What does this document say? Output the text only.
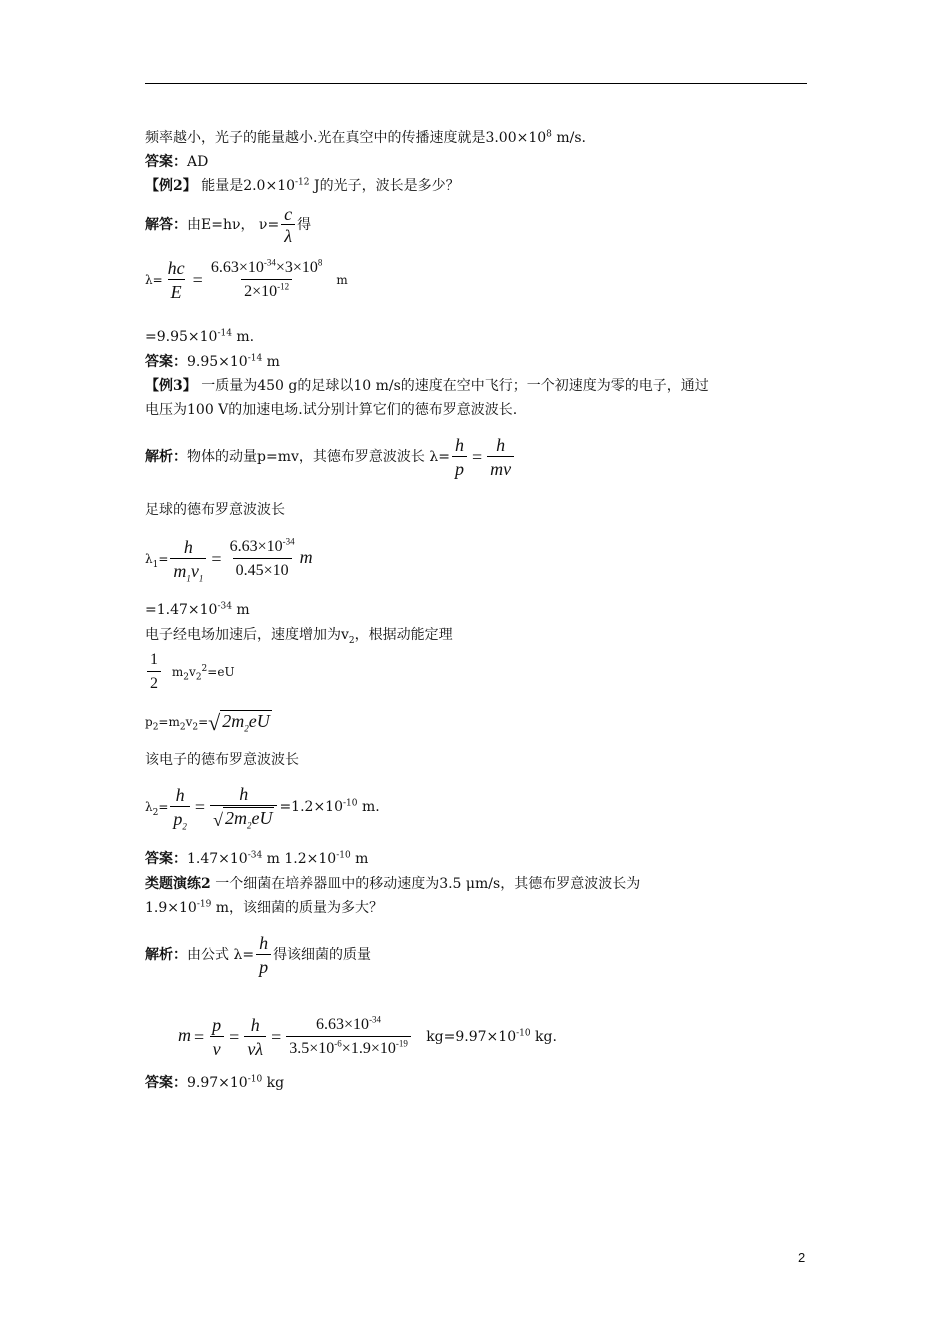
频率越小，光子的能量越小.光在真空中的传播速度就是$3.00\times 10^8$ m/s.
答案：AD
【例2】 能量是$2.0\times 10^{-12}$ J的光子，波长是多少？
解答：由E=hν， $\nu= \frac{c}{\lambda}$ 得
$\lambda= \frac{hc}{E} = \frac{6.63\times 10^{-34}\times 3\times 10^8}{2\times 10^{-12}}$ m
$=9.95\times 10^{-14}$ m.
答案：$9.95\times 10^{-14}$ m
【例3】 一质量为450 g的足球以10 m/s的速度在空中飞行；一个初速度为零的电子，通过
电压为100 V的加速电场.试分别计算它们的德布罗意波波长.
解析：物体的动量p=mv，其德布罗意波波长 $\lambda= \frac{h}{p} = \frac{h}{mv}$
足球的德布罗意波波长
$\lambda_1= \frac{h}{m_1v_1} = \frac{6.63\times 10^{-34}}{0.45\times 10}$ m
$=1.47\times 10^{-34}$ m
电子经电场加速后，速度增加为$v_2$，根据动能定理
$\frac{1}{2} m_2v_2^2=eU$
$p_2=m_2v_2=√$ $2m_2eU$
该电子的德布罗意波波长
$\lambda_2= \frac{h}{p_2} = \frac{h}{√ 2m_2eU} =1.2\times 10^{-10}$ m.
答案：$1.47\times 10^{-34}$ m $1.2\times 10^{-10}$ m
类题演练2 一个细菌在培养器皿中的移动速度为3.5 μm/s，其德布罗意波波长为
$1.9\times 10^{-19}$ m，该细菌的质量为多大？
解析：由公式 $\lambda= \frac{h}{p}$ 得该细菌的质量
$m = \frac{p}{v} = \frac{h}{v\lambda} = \frac{6.63\times 10^{-34}}{3.5\times 10^{-6}\times 1.9\times 10^{-19}} kg=9.97\times 10^{-10}$ kg.
答案：$9.97\times 10^{-10}$ kg
2
